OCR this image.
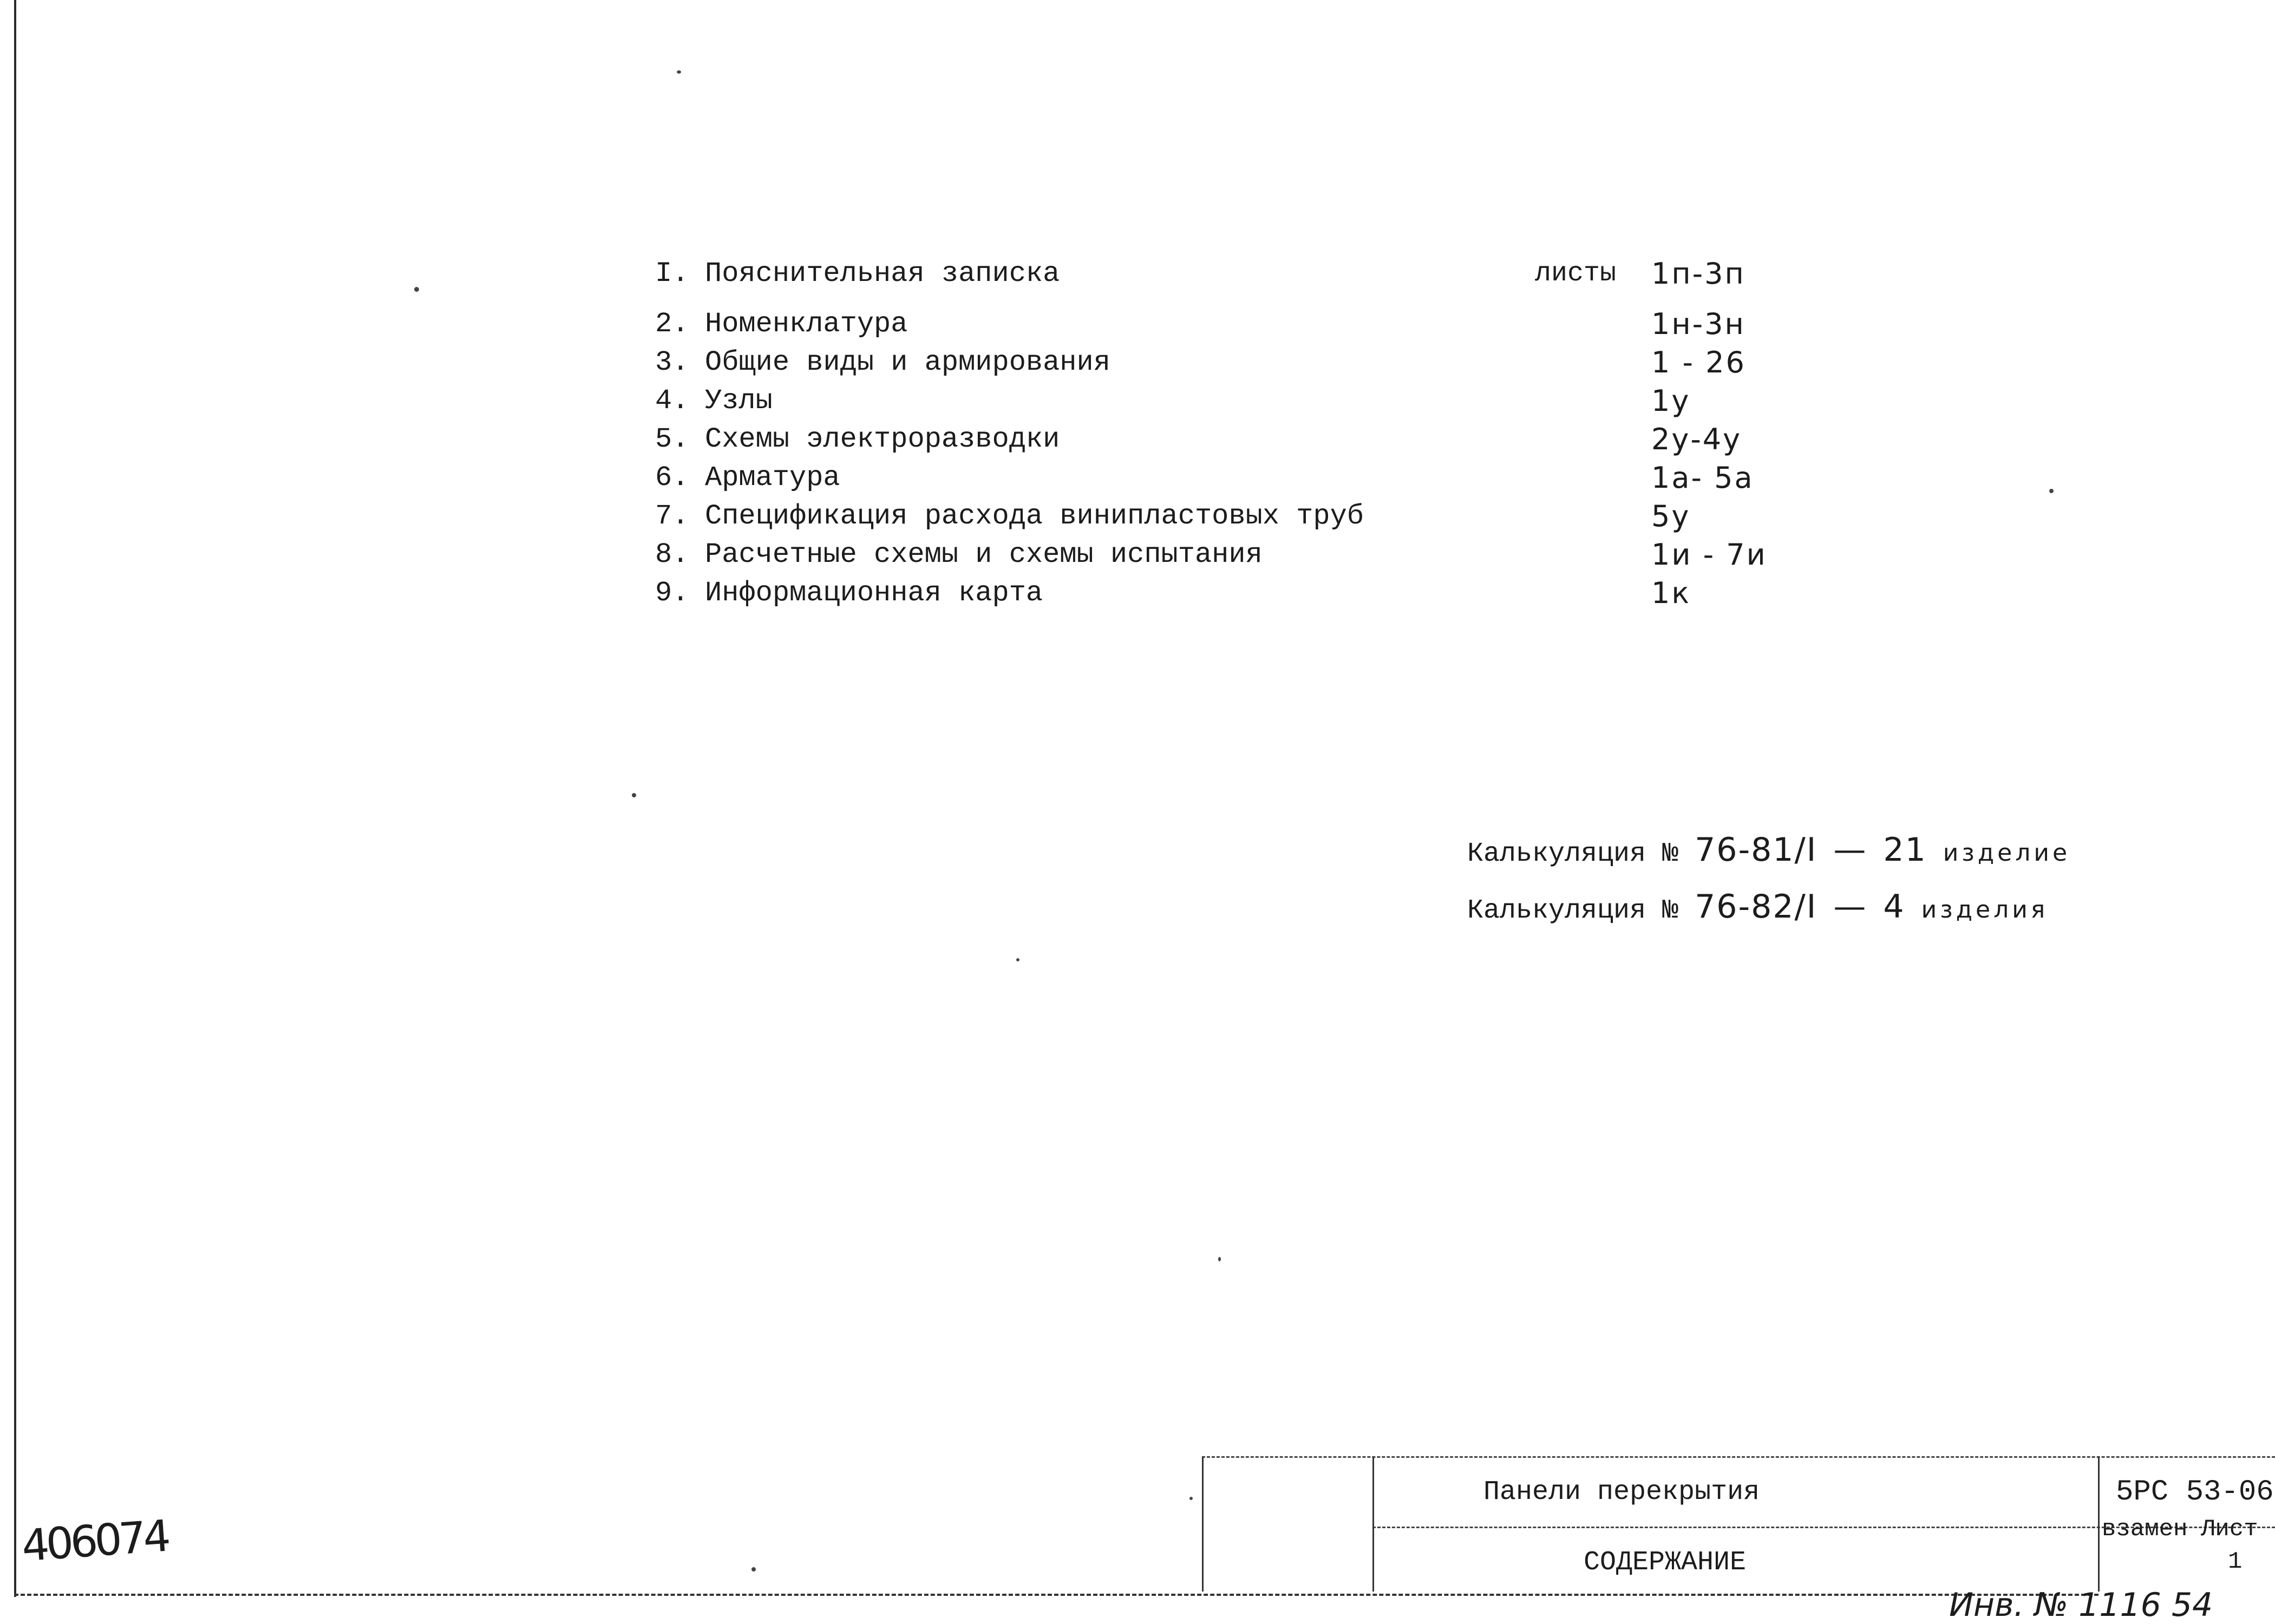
I. Пояснительная записка	листы 1п-3п
2. Номенклатура	1н-3н
3. Общие виды и армирования	1 - 26
4. Узлы	1у
5. Схемы электроразводки	2у-4у
6. Арматура	1а- 5а
7. Спецификация расхода винипластовых труб	5у
8. Расчетные схемы и схемы испытания	1и - 7и
9. Информационная карта	1к
Калькуляция № 76-81/I — 21 изделие
Калькуляция № 76-82/I — 4 изделия
Панели перекрытия
СОДЕРЖАНИЕ
5РС 53-06
взамен Лист
1
406074
Инв. № 1116 54
